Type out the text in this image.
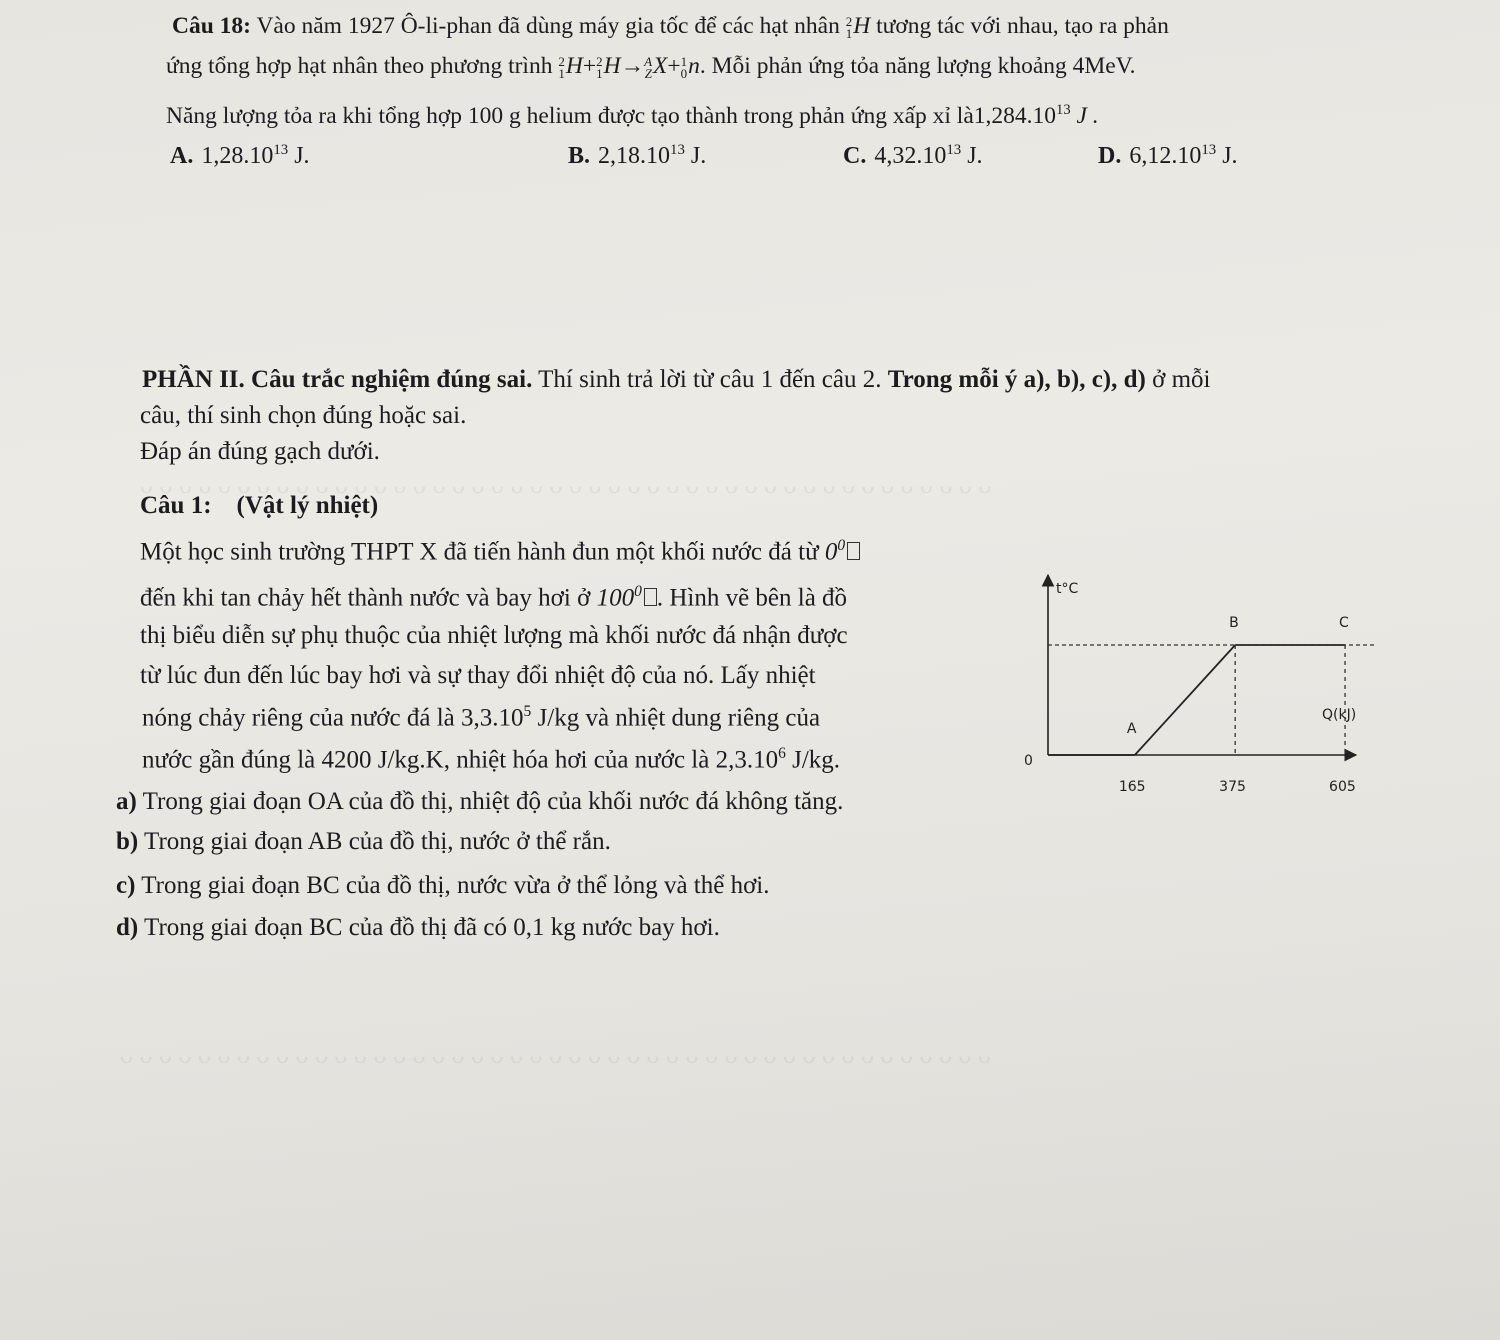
ᴗ ᴗ ᴗ ᴗ ᴗ ᴗ ᴗ ᴗ ᴗ ᴗ ᴗ ᴗ ᴗ ᴗ ᴗ ᴗ ᴗ ᴗ ᴗ ᴗ ᴗ ᴗ ᴗ ᴗ ᴗ ᴗ ᴗ ᴗ ᴗ ᴗ ᴗ ᴗ ᴗ ᴗ ᴗ ᴗ ᴗ ᴗ ᴗ ᴗ ᴗ ᴗ ᴗ ᴗ
ᴗ ᴗ ᴗ ᴗ ᴗ ᴗ ᴗ ᴗ ᴗ ᴗ ᴗ ᴗ ᴗ ᴗ ᴗ ᴗ ᴗ ᴗ ᴗ ᴗ ᴗ ᴗ ᴗ ᴗ ᴗ ᴗ ᴗ ᴗ ᴗ ᴗ ᴗ ᴗ ᴗ ᴗ ᴗ ᴗ ᴗ ᴗ ᴗ ᴗ ᴗ ᴗ ᴗ ᴗ ᴗ
Câu 18: Vào năm 1927 Ô-li-phan đã dùng máy gia tốc để các hạt nhân 2
1 H tương tác với nhau, tạo ra phản
ứng tổng hợp hạt nhân theo phương trình 2
1 H+ 2
1 H→ A
Z X+ 1
0 n. Mỗi phản ứng tỏa năng lượng khoảng 4MeV.
Năng lượng tỏa ra khi tổng hợp 100 g helium được tạo thành trong phản ứng xấp xỉ là1,284.10$^{13}$ J .
A. 1,28.10$^{13}$ J.	B. 2,18.10$^{13}$ J.	C. 4,32.10$^{13}$ J.	D. 6,12.10$^{13}$ J.
PHẦN II. Câu trắc nghiệm đúng sai. Thí sinh trả lời từ câu 1 đến câu 2. Trong mỗi ý a), b), c), d) ở mỗi
câu, thí sinh chọn đúng hoặc sai.
Đáp án đúng gạch dưới.
Câu 1: (Vật lý nhiệt)
Một học sinh trường THPT X đã tiến hành đun một khối nước đá từ $0^0$
đến khi tan chảy hết thành nước và bay hơi ở $100^0$ . Hình vẽ bên là đồ
thị biểu diễn sự phụ thuộc của nhiệt lượng mà khối nước đá nhận được
từ lúc đun đến lúc bay hơi và sự thay đổi nhiệt độ của nó. Lấy nhiệt
nóng chảy riêng của nước đá là 3,3.10$^5$ J/kg và nhiệt dung riêng của
nước gần đúng là 4200 J/kg.K, nhiệt hóa hơi của nước là 2,3.10$^6$ J/kg.
a) Trong giai đoạn OA của đồ thị, nhiệt độ của khối nước đá không tăng.
b) Trong giai đoạn AB của đồ thị, nước ở thể rắn.
c) Trong giai đoạn BC của đồ thị, nước vừa ở thể lỏng và thể hơi.
d) Trong giai đoạn BC của đồ thị đã có 0,1 kg nước bay hơi.
t°C
Q(kJ)
0
165	375	605
A
B	C
